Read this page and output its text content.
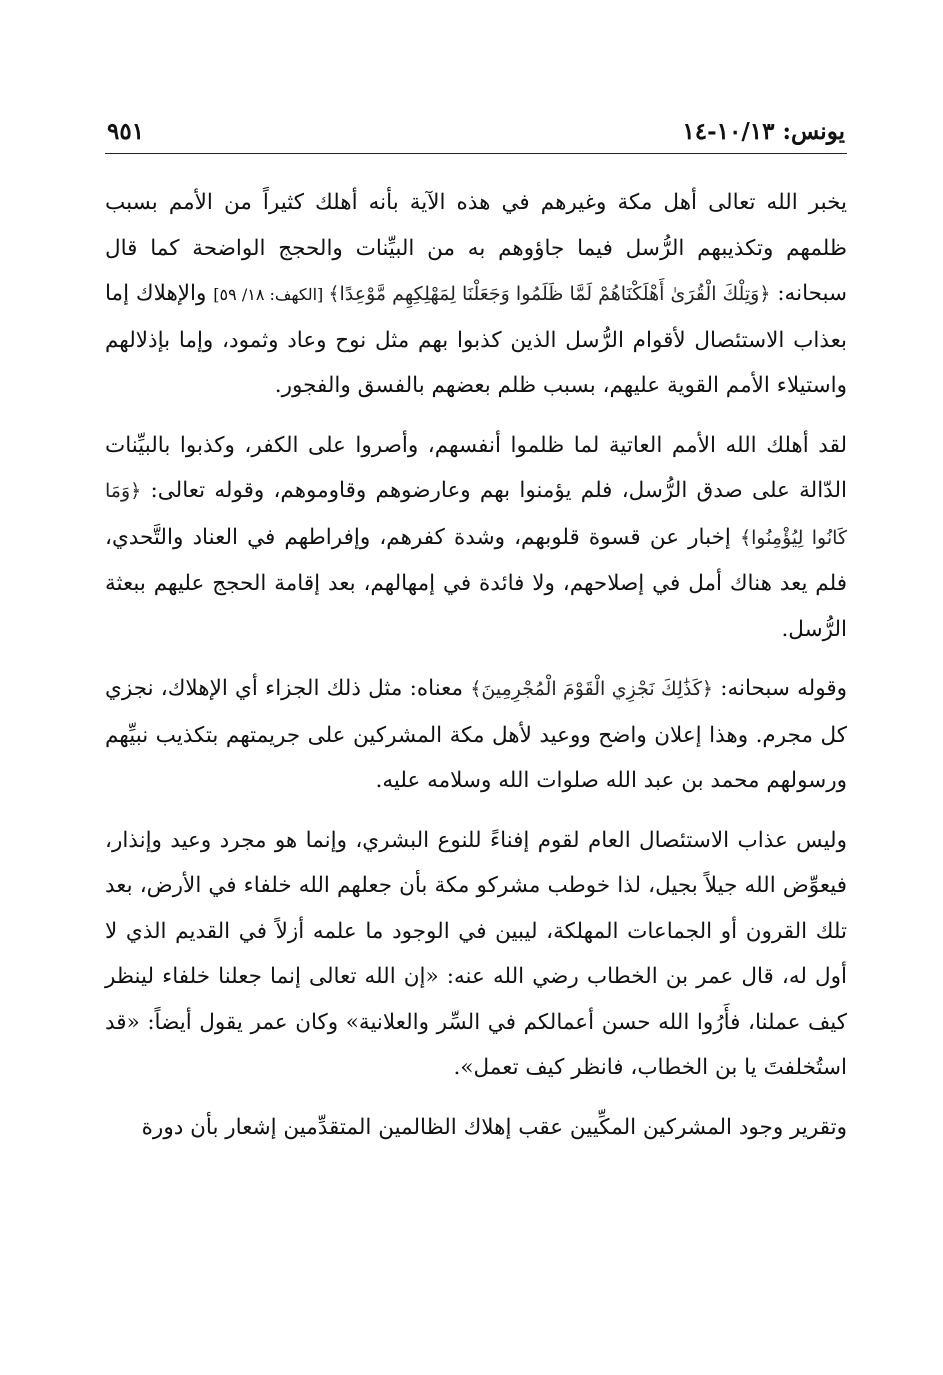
يونس: ١٠/١٣-١٤
٩٥١

يخبر الله تعالى أهل مكة وغيرهم في هذه الآية بأنه أهلك كثيراً من الأمم بسبب ظلمهم وتكذيبهم الرُّسل فيما جاؤوهم به من البيِّنات والحجج الواضحة كما قال سبحانه: ﴿وَتِلْكَ الْقُرَىٰ أَهْلَكْنَاهُمْ لَمَّا ظَلَمُوا وَجَعَلْنَا لِمَهْلِكِهِم مَّوْعِدًا﴾ [الكهف: ١٨/ ٥٩] والإهلاك إما بعذاب الاستئصال لأقوام الرُّسل الذين كذبوا بهم مثل نوح وعاد وثمود، وإما بإذلالهم واستيلاء الأمم القوية عليهم، بسبب ظلم بعضهم بالفسق والفجور.

لقد أهلك الله الأمم العاتية لما ظلموا أنفسهم، وأصروا على الكفر، وكذبوا بالبيِّنات الدّالة على صدق الرُّسل، فلم يؤمنوا بهم وعارضوهم وقاوموهم، وقوله تعالى: ﴿وَمَا كَانُوا لِيُؤْمِنُوا﴾ إخبار عن قسوة قلوبهم، وشدة كفرهم، وإفراطهم في العناد والتَّحدي، فلم يعد هناك أمل في إصلاحهم، ولا فائدة في إمهالهم، بعد إقامة الحجج عليهم ببعثة الرُّسل.

وقوله سبحانه: ﴿كَذَٰلِكَ نَجْزِي الْقَوْمَ الْمُجْرِمِينَ﴾ معناه: مثل ذلك الجزاء أي الإهلاك، نجزي كل مجرم. وهذا إعلان واضح ووعيد لأهل مكة المشركين على جريمتهم بتكذيب نبيِّهم ورسولهم محمد بن عبد الله صلوات الله وسلامه عليه.

وليس عذاب الاستئصال العام لقوم إفناءً للنوع البشري، وإنما هو مجرد وعيد وإنذار، فيعوِّض الله جيلاً بجيل، لذا خوطب مشركو مكة بأن جعلهم الله خلفاء في الأرض، بعد تلك القرون أو الجماعات المهلكة، ليبين في الوجود ما علمه أزلاً في القديم الذي لا أول له، قال عمر بن الخطاب رضي الله عنه: «إن الله تعالى إنما جعلنا خلفاء لينظر كيف عملنا، فأَرُوا الله حسن أعمالكم في السِّر والعلانية» وكان عمر يقول أيضاً: «قد استُخلفتَ يا بن الخطاب، فانظر كيف تعمل».

وتقرير وجود المشركين المكِّيين عقب إهلاك الظالمين المتقدِّمين إشعار بأن دورة
